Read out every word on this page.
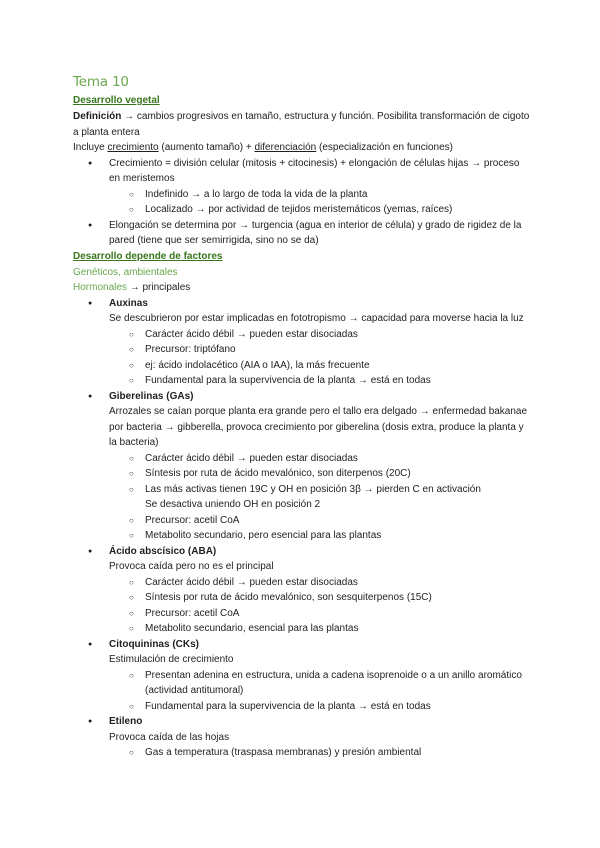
Tema 10

Desarrollo vegetal

Definición → cambios progresivos en tamaño, estructura y función. Posibilita transformación de cigoto a planta entera

Incluye crecimiento (aumento tamaño) + diferenciación (especialización en funciones)

● Crecimiento = división celular (mitosis + citocinesis) + elongación de células hijas → proceso en meristemos
○ Indefinido → a lo largo de toda la vida de la planta
○ Localizado → por actividad de tejidos meristemáticos (yemas, raíces)
● Elongación se determina por → turgencia (agua en interior de célula) y grado de rigidez de la pared (tiene que ser semirrigida, sino no se da)

Desarrollo depende de factores

Genéticos, ambientales

Hormonales → principales

● Auxinas

Se descubrieron por estar implicadas en fototropismo → capacidad para moverse hacia la luz

○ Carácter ácido débil → pueden estar disociadas
○ Precursor: triptófano
○ ej: ácido indolacético (AIA o IAA), la más frecuente
○ Fundamental para la supervivencia de la planta → está en todas
● Giberelinas (GAs)

Arrozales se caían porque planta era grande pero el tallo era delgado → enfermedad bakanae por bacteria → gibberella, provoca crecimiento por giberelina (dosis extra, produce la planta y la bacteria)

○ Carácter ácido débil → pueden estar disociadas
○ Síntesis por ruta de ácido mevalónico, son diterpenos (20C)
○ Las más activas tienen 19C y OH en posición 3β → pierden C en activación
Se desactiva uniendo OH en posición 2
○ Precursor: acetil CoA
○ Metabolito secundario, pero esencial para las plantas
● Ácido abscísico (ABA)

Provoca caída pero no es el principal

○ Carácter ácido débil → pueden estar disociadas
○ Síntesis por ruta de ácido mevalónico, son sesquiterpenos (15C)
○ Precursor: acetil CoA
○ Metabolito secundario, esencial para las plantas
● Citoquininas (CKs)

Estimulación de crecimiento

○ Presentan adenina en estructura, unida a cadena isoprenoide o a un anillo aromático (actividad antitumoral)
○ Fundamental para la supervivencia de la planta → está en todas
● Etileno

Provoca caída de las hojas

○ Gas a temperatura (traspasa membranas) y presión ambiental
